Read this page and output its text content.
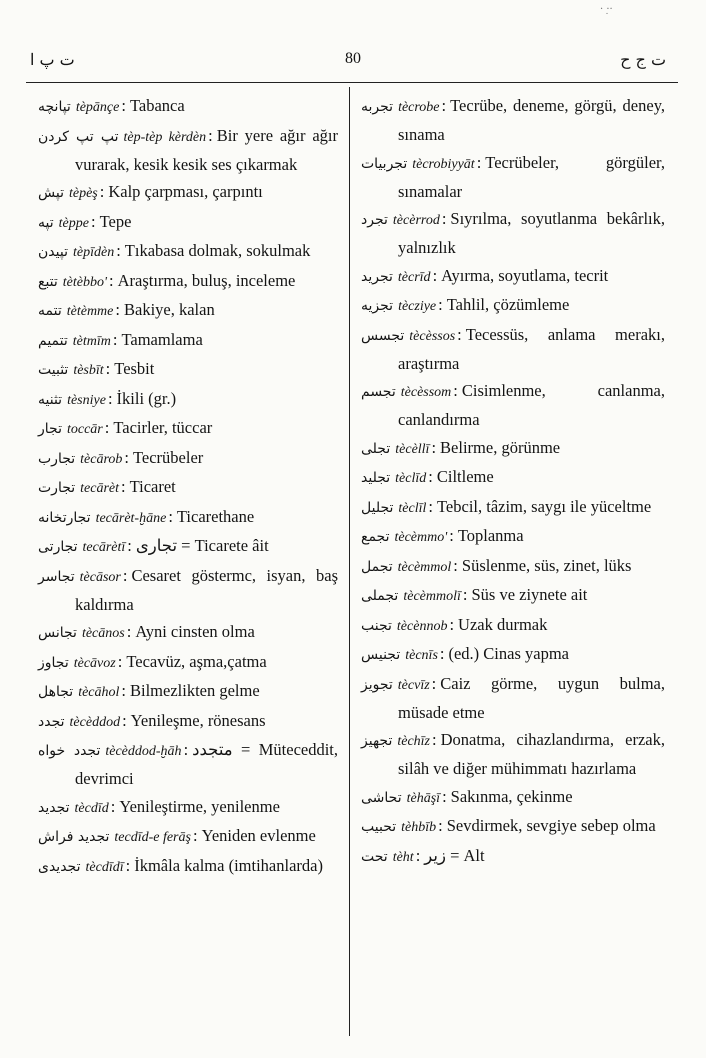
· ·̣·
ت پ ا	80	ت ج ح
تپانچه tèpānçe : Tabanca
تپ تپ کردن tèp-tèp kèrdèn : Bir yere ağır ağır vurarak, kesik kesik ses çıkarmak
تپش tèpèş : Kalp çarpması, çarpıntı
تپه tèppe : Tepe
تپیدن tèpīdèn : Tıkabasa dolmak, sokulmak
تتبع tètèbbo' : Araştırma, buluş, inceleme
تتمه tètèmme : Bakiye, kalan
تتمیم tètmīm : Tamamlama
تثبیت tèsbīt : Tesbit
تثنیه tèsniye : İkili (gr.)
تجار toccār : Tacirler, tüccar
تجارب tècārob : Tecrübeler
تجارت tecārèt : Ticaret
تجارتخانه tecārèt-ḫāne : Ticarethane
تجارتی tecārètī : تجاری = Ticarete âit
تجاسر tècāsor : Cesaret göstermc, isyan, baş kaldırma
تجانس tècānos : Ayni cinsten olma
تجاوز tècāvoz : Tecavüz, aşma,çatma
تجاهل tècāhol : Bilmezlikten gelme
تجدد tècèddod : Yenileşme, rönesans
تجدد خواه tècèddod-ḫāh : متجدد = Müteceddit, devrimci
تجدید tècdīd : Yenileştirme, yenilenme
تجدید فراش tecdīd-e ferāş : Yeniden evlenme
تجدیدی tècdīdī : İkmâla kalma (imtihanlarda)
تجربه tècrobe : Tecrübe, deneme, görgü, deney, sınama
تجربیات tècrobiyyāt : Tecrübeler, görgüler, sınamalar
تجرد tècèrrod : Sıyrılma, soyutlanma bekârlık, yalnızlık
تجرید tècrīd : Ayırma, soyutlama, tecrit
تجزیه tècziye : Tahlil, çözümleme
تجسس tècèssos : Tecessüs, anlama merakı, araştırma
تجسم tècèssom : Cisimlenme, canlanma, canlandırma
تجلی tècèllī : Belirme, görünme
تجلید tèclīd : Ciltleme
تجلیل tèclīl : Tebcil, tâzim, saygı ile yüceltme
تجمع tècèmmo' : Toplanma
تجمل tècèmmol : Süslenme, süs, zinet, lüks
تجملی tècèmmolī : Süs ve ziynete ait
تجنب tècènnob : Uzak durmak
تجنیس tècnīs : (ed.) Cinas yapma
تجویز tècvīz : Caiz görme, uygun bulma, müsade etme
تجهیز tèchīz : Donatma, cihazlandırma, erzak, silâh ve diğer mühimmatı hazırlama
تحاشی tèhāşī : Sakınma, çekinme
تحبیب tèhbīb : Sevdirmek, sevgiye sebep olma
تحت tèht : زیر = Alt
